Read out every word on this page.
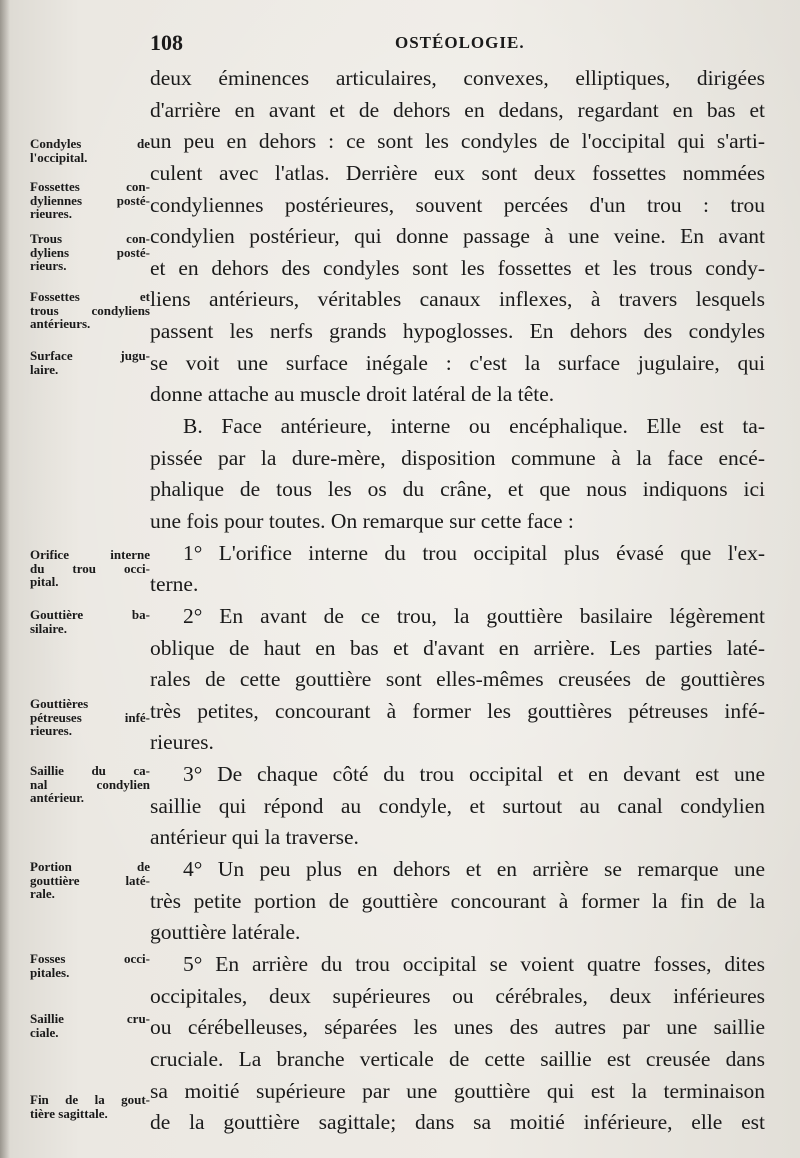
108	OSTÉOLOGIE.
deux éminences articulaires, convexes, elliptiques, dirigées
d'arrière en avant et de dehors en dedans, regardant en bas et
un peu en dehors : ce sont les condyles de l'occipital qui s'arti-
culent avec l'atlas. Derrière eux sont deux fossettes nommées
condyliennes postérieures, souvent percées d'un trou : trou
condylien postérieur, qui donne passage à une veine. En avant
et en dehors des condyles sont les fossettes et les trous condy-
liens antérieurs, véritables canaux inflexes, à travers lesquels
passent les nerfs grands hypoglosses. En dehors des condyles
se voit une surface inégale : c'est la surface jugulaire, qui
donne attache au muscle droit latéral de la tête.
B. Face antérieure, interne ou encéphalique. Elle est ta-
pissée par la dure-mère, disposition commune à la face encé-
phalique de tous les os du crâne, et que nous indiquons ici
une fois pour toutes. On remarque sur cette face :
1° L'orifice interne du trou occipital plus évasé que l'ex-
terne.
2° En avant de ce trou, la gouttière basilaire légèrement
oblique de haut en bas et d'avant en arrière. Les parties laté-
rales de cette gouttière sont elles-mêmes creusées de gouttières
très petites, concourant à former les gouttières pétreuses infé-
rieures.
3° De chaque côté du trou occipital et en devant est une
saillie qui répond au condyle, et surtout au canal condylien
antérieur qui la traverse.
4° Un peu plus en dehors et en arrière se remarque une
très petite portion de gouttière concourant à former la fin de la
gouttière latérale.
5° En arrière du trou occipital se voient quatre fosses, dites
occipitales, deux supérieures ou cérébrales, deux inférieures
ou cérébelleuses, séparées les unes des autres par une saillie
cruciale. La branche verticale de cette saillie est creusée dans
sa moitié supérieure par une gouttière qui est la terminaison
de la gouttière sagittale; dans sa moitié inférieure, elle est
Condyles de
l'occipital.
Fossettes con-
dyliennes posté-
rieures.
Trous con-
dyliens posté-
rieurs.
Fossettes et
trous condyliens
antérieurs.
Surface jugu-
laire.
Orifice interne
du trou occi-
pital.
Gouttière ba-
silaire.
Gouttières
pétreuses infé-
rieures.
Saillie du ca-
nal condylien
antérieur.
Portion de
gouttière laté-
rale.
Fosses occi-
pitales.
Saillie cru-
ciale.
Fin de la gout-
tière sagittale.
